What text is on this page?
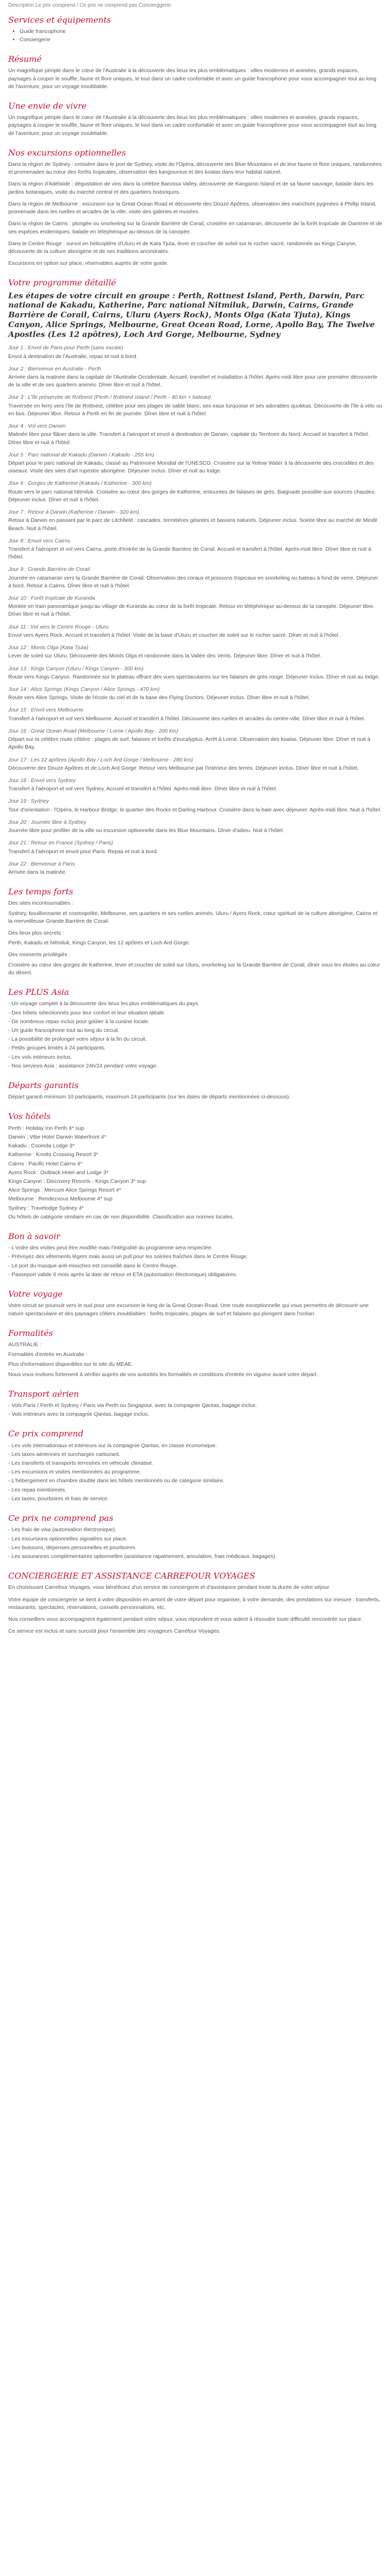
Description Le prix comprend / Ce prix ne comprend pas Concierggerie
Services et équipements
• Guide francophone
• Conciergerie
Résumé

Un magnifique périple dans le cœur de l'Australie à la découverte des lieux les plus emblématiques : villes modernes et animées, grands espaces, paysages à couper le souffle, faune et flore uniques, le tout dans un cadre confortable et avec un guide francophone pour vous accompagner tout au long de l'aventure, pour un voyage inoubliable.

Une envie de vivre

Un magnifique périple dans le cœur de l'Australie à la découverte des lieux les plus emblématiques : villes modernes et animées, grands espaces, paysages à couper le souffle, faune et flore uniques, le tout dans un cadre confortable et avec un guide francophone pour vous accompagner tout au long de l'aventure, pour un voyage inoubliable.

Nos excursions optionnelles

Dans la région de Sydney : croisière dans le port de Sydney, visite de l'Opéra, découverte des Blue Mountains et de leur faune et flore uniques, randonnées et promenades au cœur des forêts tropicales, observation des kangourous et des koalas dans leur habitat naturel.

Dans la région d'Adélaïde : dégustation de vins dans la célèbre Barossa Valley, découverte de Kangaroo Island et de sa faune sauvage, balade dans les jardins botaniques, visite du marché central et des quartiers historiques.

Dans la région de Melbourne : excursion sur la Great Ocean Road et découverte des Douze Apôtres, observation des manchots pygmées à Phillip Island, promenade dans les ruelles et arcades de la ville, visite des galeries et musées.

Dans la région de Cairns : plongée ou snorkeling sur la Grande Barrière de Corail, croisière en catamaran, découverte de la forêt tropicale de Daintree et de ses espèces endémiques, balade en téléphérique au-dessus de la canopée.

Dans le Centre Rouge : survol en hélicoptère d'Uluru et de Kata Tjuta, lever et coucher de soleil sur le rocher sacré, randonnée au Kings Canyon, découverte de la culture aborigène et de ses traditions ancestrales.

Excursions en option sur place, réservables auprès de votre guide.

Votre programme détaillé
Les étapes de votre circuit en groupe : Perth, Rottnest Island, Perth, Darwin, Parc national de Kakadu, Katherine, Parc national Nitmiluk, Darwin, Cairns, Grande Barrière de Corail, Cairns, Uluru (Ayers Rock), Monts Olga (Kata Tjuta), Kings Canyon, Alice Springs, Melbourne, Great Ocean Road, Lorne, Apollo Bay, The Twelve Apostles (Les 12 apôtres), Loch Ard Gorge, Melbourne, Sydney
Jour 1 : Envol de Paris pour Perth (sans escale)

Envol à destination de l'Australie, repas et nuit à bord.

Jour 2 : Bienvenue en Australie - Perth

Arrivée dans la matinée dans la capitale de l'Australie Occidentale. Accueil, transfert et installation à l'hôtel. Après-midi libre pour une première découverte de la ville et de ses quartiers animés. Dîner libre et nuit à l'hôtel.

Jour 3 : L'île préservée de Rottnest (Perth / Rottnest Island / Perth - 40 km + bateau)

Traversée en ferry vers l'île de Rottnest, célèbre pour ses plages de sable blanc, ses eaux turquoise et ses adorables quokkas. Découverte de l'île à vélo ou en bus. Déjeuner libre. Retour à Perth en fin de journée. Dîner libre et nuit à l'hôtel.

Jour 4 : Vol vers Darwin

Matinée libre pour flâner dans la ville. Transfert à l'aéroport et envol à destination de Darwin, capitale du Territoire du Nord. Accueil et transfert à l'hôtel. Dîner libre et nuit à l'hôtel.

Jour 5 : Parc national de Kakadu (Darwin / Kakadu - 255 km)

Départ pour le parc national de Kakadu, classé au Patrimoine Mondial de l'UNESCO. Croisière sur la Yellow Water à la découverte des crocodiles et des oiseaux. Visite des sites d'art rupestre aborigène. Déjeuner inclus. Dîner et nuit au lodge.

Jour 6 : Gorges de Katherine (Kakadu / Katherine - 300 km)

Route vers le parc national Nitmiluk. Croisière au cœur des gorges de Katherine, entourées de falaises de grès. Baignade possible aux sources chaudes. Déjeuner inclus. Dîner et nuit à l'hôtel.

Jour 7 : Retour à Darwin (Katherine / Darwin - 320 km)

Retour à Darwin en passant par le parc de Litchfield : cascades, termitières géantes et bassins naturels. Déjeuner inclus. Soirée libre au marché de Mindil Beach. Nuit à l'hôtel.

Jour 8 : Envol vers Cairns

Transfert à l'aéroport et vol vers Cairns, porte d'entrée de la Grande Barrière de Corail. Accueil et transfert à l'hôtel. Après-midi libre. Dîner libre et nuit à l'hôtel.

Jour 9 : Grande Barrière de Corail

Journée en catamaran vers la Grande Barrière de Corail. Observation des coraux et poissons tropicaux en snorkeling ou bateau à fond de verre. Déjeuner à bord. Retour à Cairns. Dîner libre et nuit à l'hôtel.

Jour 10 : Forêt tropicale de Kuranda

Montée en train panoramique jusqu'au village de Kuranda au cœur de la forêt tropicale. Retour en téléphérique au-dessus de la canopée. Déjeuner libre. Dîner libre et nuit à l'hôtel.

Jour 11 : Vol vers le Centre Rouge - Uluru

Envol vers Ayers Rock. Accueil et transfert à l'hôtel. Visite de la base d'Uluru et coucher de soleil sur le rocher sacré. Dîner et nuit à l'hôtel.

Jour 12 : Monts Olga (Kata Tjuta)

Lever de soleil sur Uluru. Découverte des Monts Olga et randonnée dans la Vallée des Vents. Déjeuner libre. Dîner et nuit à l'hôtel.

Jour 13 : Kings Canyon (Uluru / Kings Canyon - 300 km)

Route vers Kings Canyon. Randonnée sur le plateau offrant des vues spectaculaires sur les falaises de grès rouge. Déjeuner inclus. Dîner et nuit au lodge.

Jour 14 : Alice Springs (Kings Canyon / Alice Springs - 470 km)

Route vers Alice Springs. Visite de l'école du ciel et de la base des Flying Doctors. Déjeuner inclus. Dîner libre et nuit à l'hôtel.

Jour 15 : Envol vers Melbourne

Transfert à l'aéroport et vol vers Melbourne. Accueil et transfert à l'hôtel. Découverte des ruelles et arcades du centre-ville. Dîner libre et nuit à l'hôtel.

Jour 16 : Great Ocean Road (Melbourne / Lorne / Apollo Bay - 200 km)

Départ sur la célèbre route côtière : plages de surf, falaises et forêts d'eucalyptus. Arrêt à Lorne. Observation des koalas. Déjeuner libre. Dîner et nuit à Apollo Bay.

Jour 17 : Les 12 apôtres (Apollo Bay / Loch Ard Gorge / Melbourne - 280 km)

Découverte des Douze Apôtres et de Loch Ard Gorge. Retour vers Melbourne par l'intérieur des terres. Déjeuner inclus. Dîner libre et nuit à l'hôtel.

Jour 18 : Envol vers Sydney

Transfert à l'aéroport et vol vers Sydney. Accueil et transfert à l'hôtel. Après-midi libre. Dîner libre et nuit à l'hôtel.

Jour 19 : Sydney

Tour d'orientation : l'Opéra, le Harbour Bridge, le quartier des Rocks et Darling Harbour. Croisière dans la baie avec déjeuner. Après-midi libre. Nuit à l'hôtel.

Jour 20 : Journée libre à Sydney

Journée libre pour profiter de la ville ou excursion optionnelle dans les Blue Mountains. Dîner d'adieu. Nuit à l'hôtel.

Jour 21 : Retour en France (Sydney / Paris)

Transfert à l'aéroport et envol pour Paris. Repas et nuit à bord.

Jour 22 : Bienvenue à Paris

Arrivée dans la matinée.

Les temps forts

Des sites incontournables :

Sydney, bouillonnante et cosmopolite, Melbourne, ses quartiers et ses ruelles animés, Uluru / Ayers Rock, cœur spirituel de la culture aborigène, Cairns et la merveilleuse Grande Barrière de Corail.

Des lieux plus secrets :

Perth, Kakadu et Nitmiluk, Kings Canyon, les 12 apôtres et Loch Ard Gorge.

Des moments privilégiés :

Croisière au cœur des gorges de Katherine, lever et coucher de soleil sur Uluru, snorkeling sur la Grande Barrière de Corail, dîner sous les étoiles au cœur du désert.

Les PLUS Asia
- Un voyage complet à la découverte des lieux les plus emblématiques du pays.
- Des hôtels sélectionnés pour leur confort et leur situation idéale.
- De nombreux repas inclus pour goûter à la cuisine locale.
- Un guide francophone tout au long du circuit.
- La possibilité de prolonger votre séjour à la fin du circuit.
- Petits groupes limités à 24 participants.
- Les vols intérieurs inclus.
- Nos services Asia : assistance 24h/24 pendant votre voyage.
Départs garantis

Départ garanti minimum 10 participants, maximum 24 participants (sur les dates de départs mentionnées ci-dessous).

Vos hôtels
Perth : Holiday Inn Perth 4* sup
Darwin : Vibe Hotel Darwin Waterfront 4*
Kakadu : Cooinda Lodge 3*
Katherine : Knotts Crossing Resort 3*
Cairns : Pacific Hotel Cairns 4*
Ayers Rock : Outback Hotel and Lodge 3*
Kings Canyon : Discovery Resorts - Kings Canyon 3* sup
Alice Springs : Mercure Alice Springs Resort 4*
Melbourne : Rendezvous Melbourne 4* sup
Sydney : Travelodge Sydney 4*
Ou hôtels de catégorie similaire en cas de non disponibilité. Classification aux normes locales.
Bon à savoir
- L'ordre des visites peut être modifié mais l'intégralité du programme sera respectée.
- Prévoyez des vêtements légers mais aussi un pull pour les soirées fraîches dans le Centre Rouge.
- Le port du masque anti-mouches est conseillé dans le Centre Rouge.
- Passeport valide 6 mois après la date de retour et ETA (autorisation électronique) obligatoires.
Votre voyage

Votre circuit se poursuit vers le sud pour une excursion le long de la Great Ocean Road. Une route exceptionnelle qui vous permettra de découvrir une nature spectaculaire et des paysages côtiers inoubliables : forêts tropicales, plages de surf et falaises qui plongent dans l'océan.

Formalités

AUSTRALIE :

Formalités d'entrée en Australie :

Plus d'informations disponibles sur le site du MEAE.

Nous vous invitons fortement à vérifier auprès de vos autorités les formalités et conditions d'entrée en vigueur avant votre départ.

Transport aérien
- Vols Paris / Perth et Sydney / Paris via Perth ou Singapour, avec la compagnie Qantas, bagage inclus.
- Vols intérieurs avec la compagnie Qantas, bagage inclus.
Ce prix comprend
- Les vols internationaux et intérieurs sur la compagnie Qantas, en classe économique.
- Les taxes aériennes et surcharges carburant.
- Les transferts et transports terrestres en véhicule climatisé.
- Les excursions et visites mentionnées au programme.
- L'hébergement en chambre double dans les hôtels mentionnés ou de catégorie similaire.
- Les repas mentionnés.
- Les taxes, pourboires et frais de service.
Ce prix ne comprend pas
- Les frais de visa (autorisation électronique).
- Les excursions optionnelles signalées sur place.
- Les boissons, dépenses personnelles et pourboires.
- Les assurances complémentaires optionnelles (assistance rapatriement, annulation, frais médicaux, bagages).
CONCIERGERIE ET ASSISTANCE CARREFOUR VOYAGES

En choisissant Carrefour Voyages, vous bénéficiez d'un service de conciergerie et d'assistance pendant toute la durée de votre séjour.

Votre équipe de conciergerie se tient à votre disposition en amont de votre départ pour organiser, à votre demande, des prestations sur mesure : transferts, restaurants, spectacles, réservations, conseils personnalisés, etc.

Nos conseillers vous accompagnent également pendant votre séjour, vous répondent et vous aident à résoudre toute difficulté rencontrée sur place.

Ce service est inclus et sans surcoût pour l'ensemble des voyageurs Carrefour Voyages.
